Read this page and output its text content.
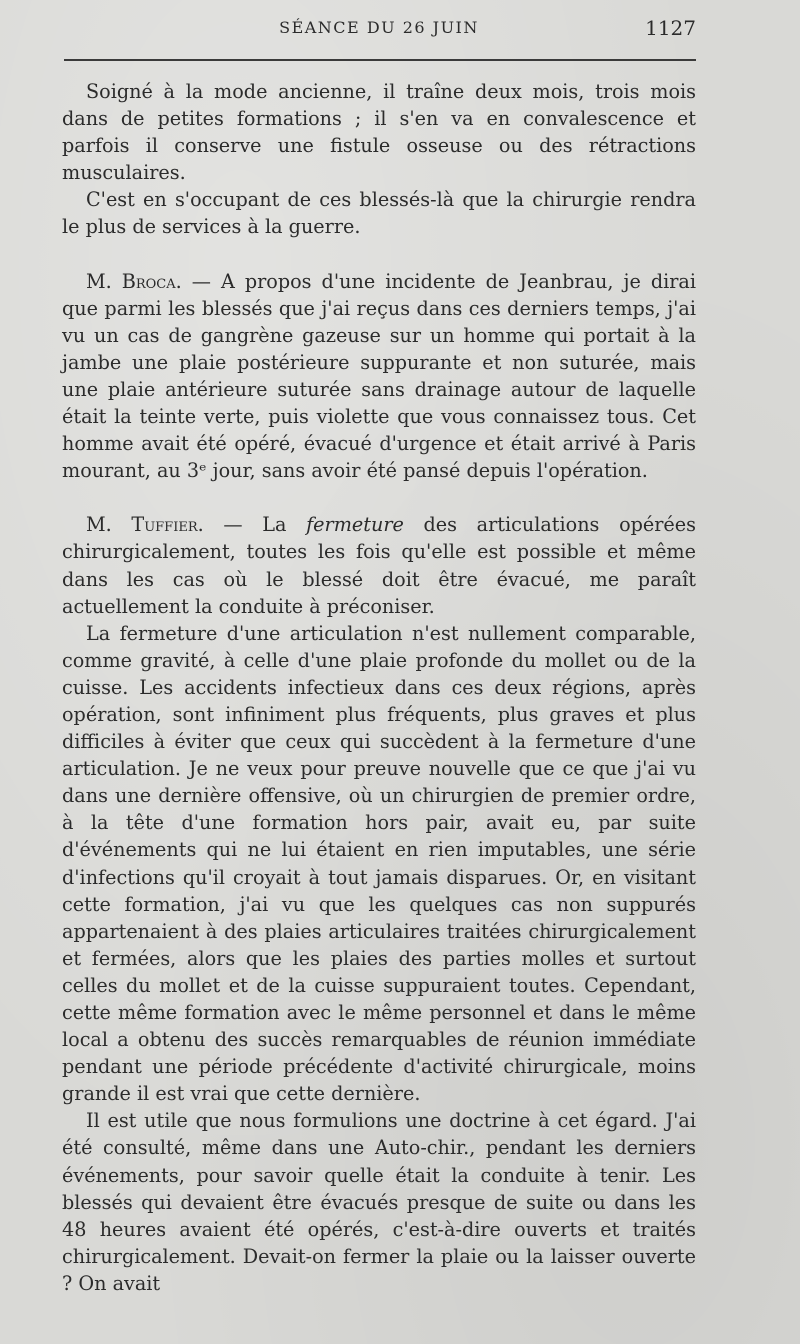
SÉANCE DU 26 JUIN	1127

Soigné à la mode ancienne, il traîne deux mois, trois mois dans de petites formations ; il s'en va en convalescence et parfois il conserve une fistule osseuse ou des rétractions musculaires.

C'est en s'occupant de ces blessés-là que la chirurgie rendra le plus de services à la guerre.

M. Broca. — A propos d'une incidente de Jeanbrau, je dirai que parmi les blessés que j'ai reçus dans ces derniers temps, j'ai vu un cas de gangrène gazeuse sur un homme qui portait à la jambe une plaie postérieure suppurante et non suturée, mais une plaie antérieure suturée sans drainage autour de laquelle était la teinte verte, puis violette que vous connaissez tous. Cet homme avait été opéré, évacué d'urgence et était arrivé à Paris mourant, au 3ᵉ jour, sans avoir été pansé depuis l'opération.

M. Tuffier. — La fermeture des articulations opérées chirurgicalement, toutes les fois qu'elle est possible et même dans les cas où le blessé doit être évacué, me paraît actuellement la conduite à préconiser.

La fermeture d'une articulation n'est nullement comparable, comme gravité, à celle d'une plaie profonde du mollet ou de la cuisse. Les accidents infectieux dans ces deux régions, après opération, sont infiniment plus fréquents, plus graves et plus difficiles à éviter que ceux qui succèdent à la fermeture d'une articulation. Je ne veux pour preuve nouvelle que ce que j'ai vu dans une dernière offensive, où un chirurgien de premier ordre, à la tête d'une formation hors pair, avait eu, par suite d'événements qui ne lui étaient en rien imputables, une série d'infections qu'il croyait à tout jamais disparues. Or, en visitant cette formation, j'ai vu que les quelques cas non suppurés appartenaient à des plaies articulaires traitées chirurgicalement et fermées, alors que les plaies des parties molles et surtout celles du mollet et de la cuisse suppuraient toutes. Cependant, cette même formation avec le même personnel et dans le même local a obtenu des succès remarquables de réunion immédiate pendant une période précédente d'activité chirurgicale, moins grande il est vrai que cette dernière.

Il est utile que nous formulions une doctrine à cet égard. J'ai été consulté, même dans une Auto-chir., pendant les derniers événements, pour savoir quelle était la conduite à tenir. Les blessés qui devaient être évacués presque de suite ou dans les 48 heures avaient été opérés, c'est-à-dire ouverts et traités chirurgicalement. Devait-on fermer la plaie ou la laisser ouverte ? On avait
